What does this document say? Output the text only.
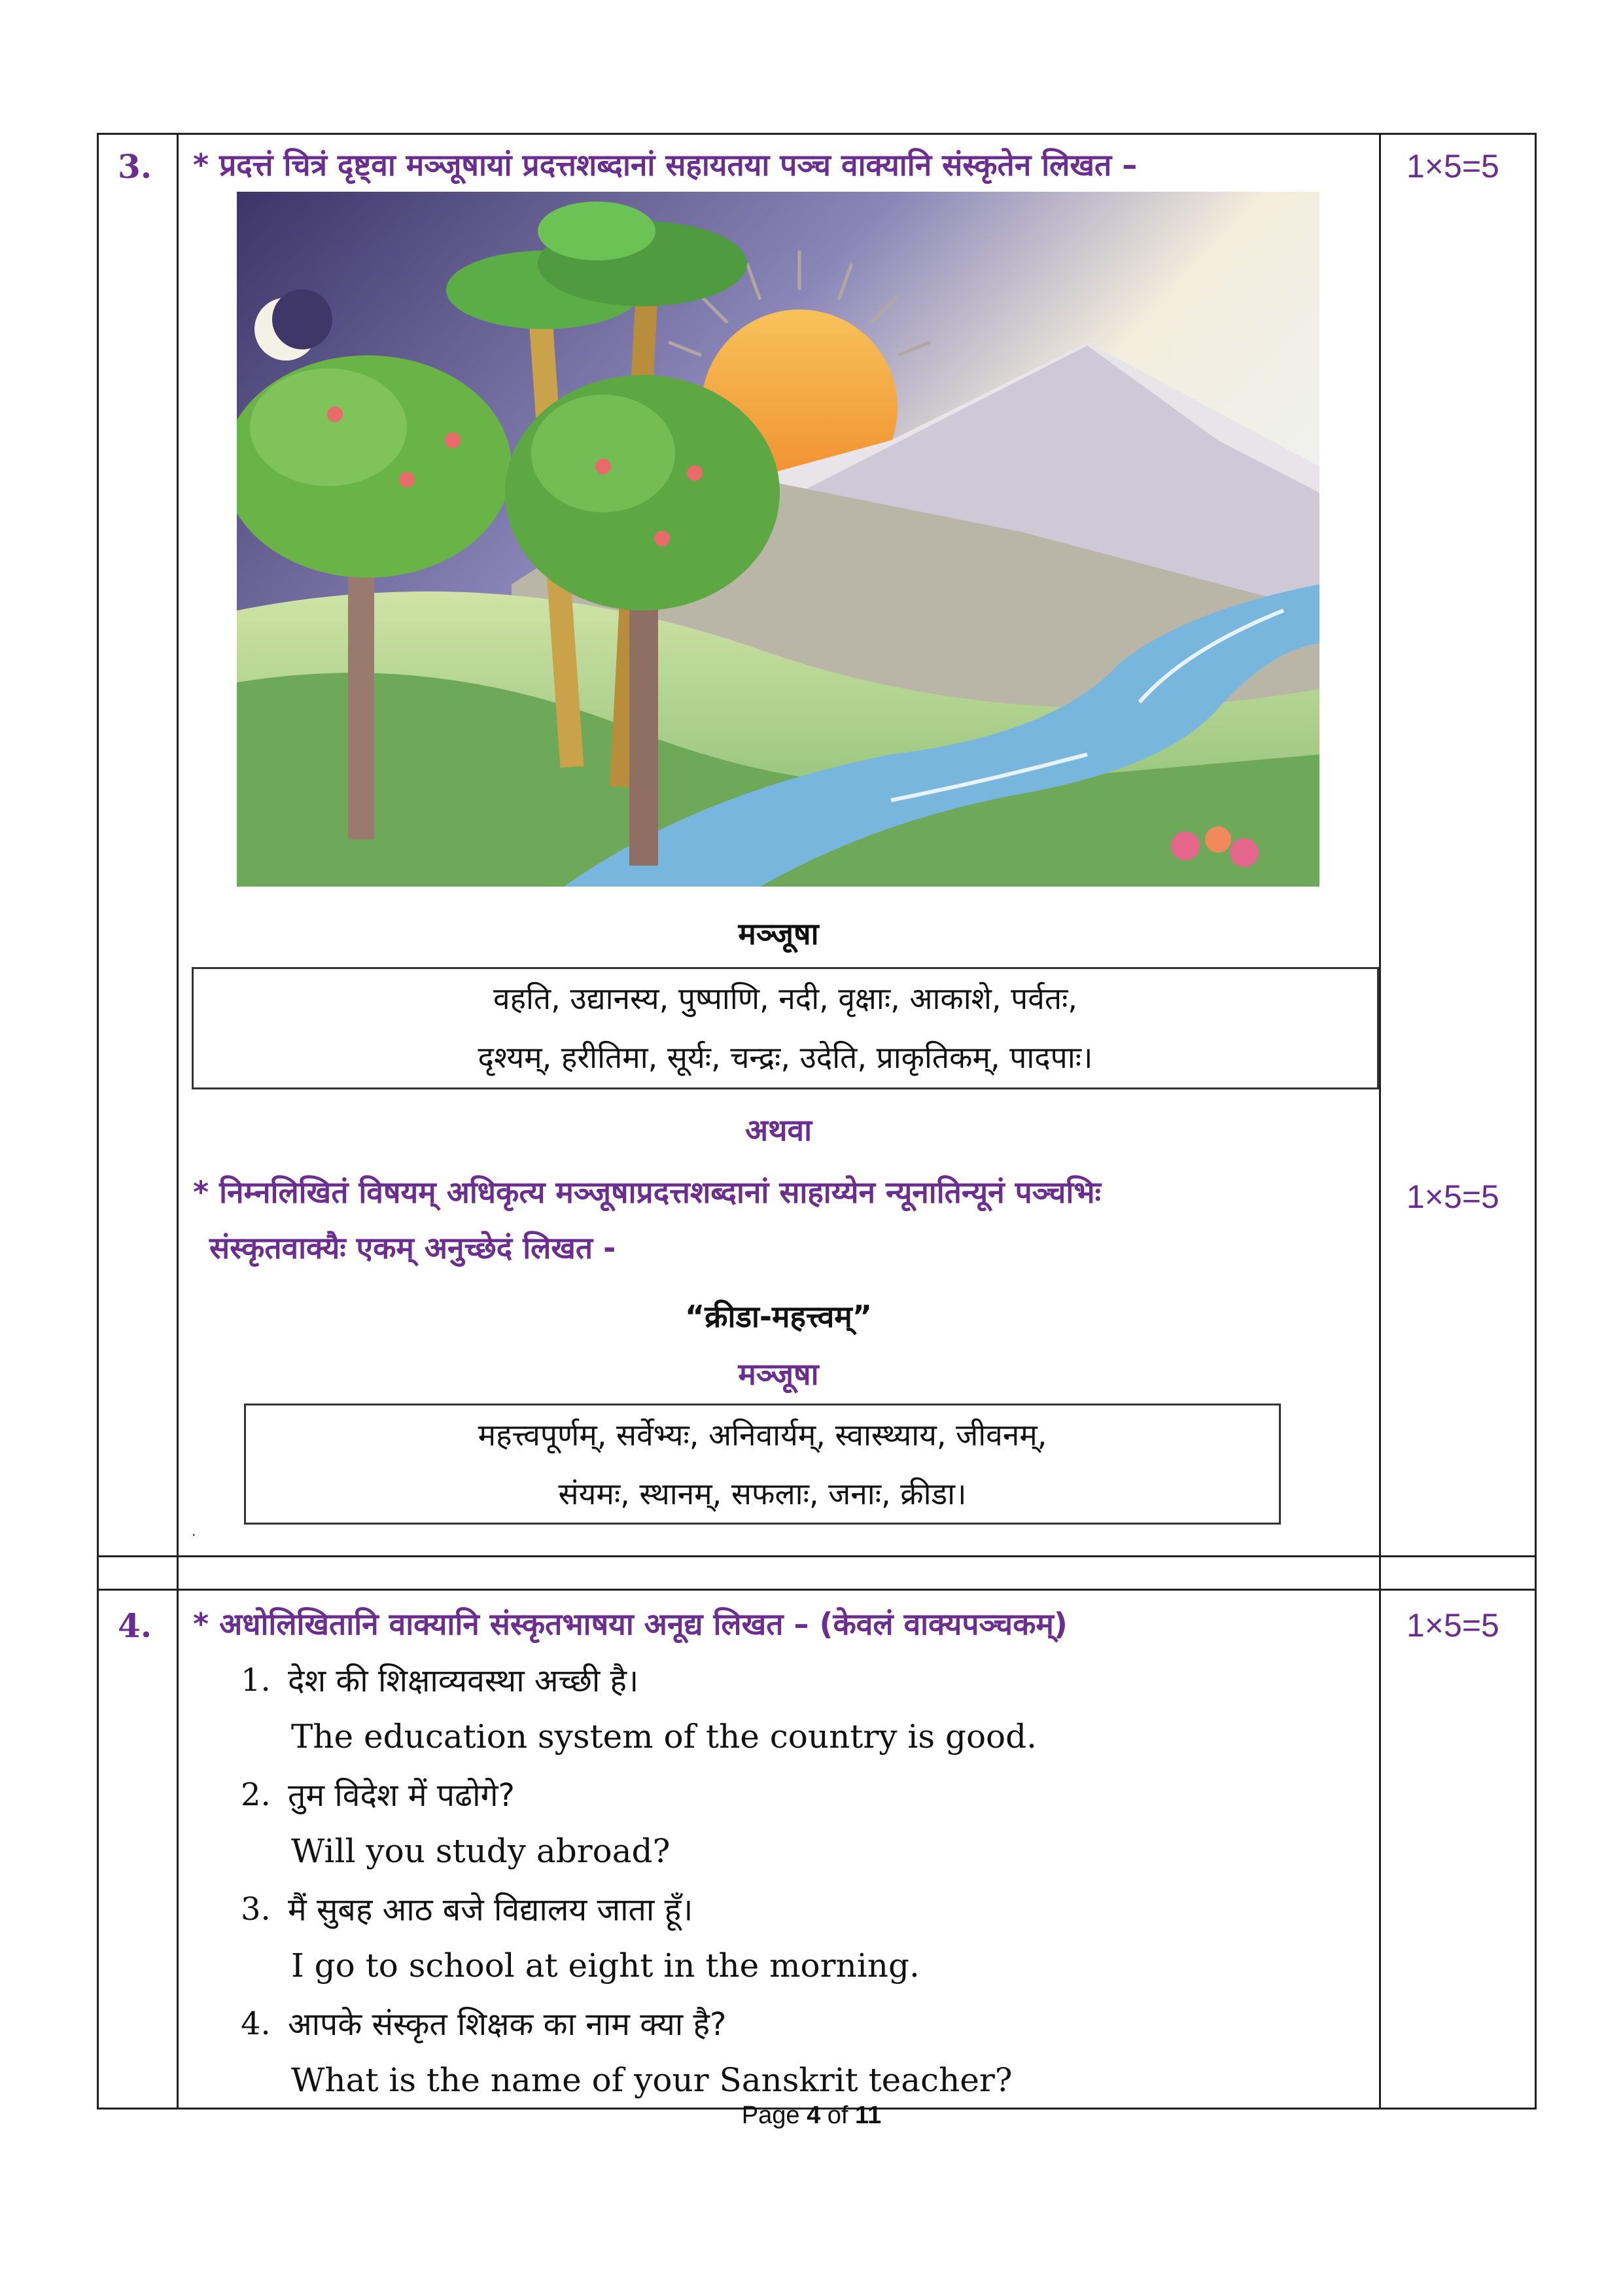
3. * प्रदत्तं चित्रं दृष्ट्वा मञ्जूषायां प्रदत्तशब्दानां सहायतया पञ्च वाक्यानि संस्कृतेन लिखत –	1×5=5
मञ्जूषा
वहति, उद्यानस्य, पुष्पाणि, नदी, वृक्षाः, आकाशे, पर्वतः,
दृश्यम्, हरीतिमा, सूर्यः, चन्द्रः, उदेति, प्राकृतिकम्, पादपाः।
अथवा
* निम्नलिखितं विषयम् अधिकृत्य मञ्जूषाप्रदत्तशब्दानां साहाय्येन न्यूनातिन्यूनं पञ्चभिः
संस्कृतवाक्यैः एकम् अनुच्छेदं लिखत -
1×5=5
“क्रीडा-महत्त्वम्”
मञ्जूषा
महत्त्वपूर्णम्, सर्वेभ्यः, अनिवार्यम्, स्वास्थ्याय, जीवनम्,
संयमः, स्थानम्, सफलाः, जनाः, क्रीडा।
.
4. * अधोलिखितानि वाक्यानि संस्कृतभाषया अनूद्य लिखत – (केवलं वाक्यपञ्चकम्)	1×5=5
1. देश की शिक्षाव्यवस्था अच्छी है।
The education system of the country is good.
2. तुम विदेश में पढोगे?
Will you study abroad?
3. मैं सुबह आठ बजे विद्यालय जाता हूँ।
I go to school at eight in the morning.
4. आपके संस्कृत शिक्षक का नाम क्या है?
What is the name of your Sanskrit teacher?
Page 4 of 11
